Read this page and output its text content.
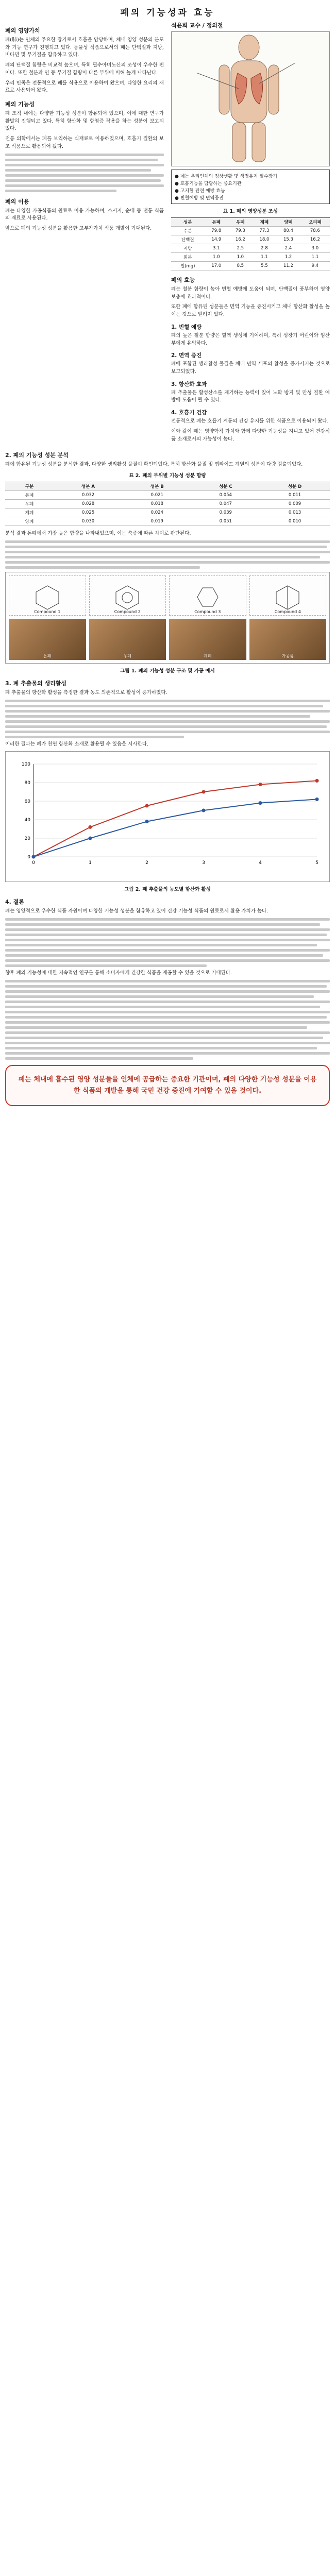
폐의 기능성과 효능
폐의 영양가치

폐(肺)는 인체의 주요한 장기로서 호흡을 담당하며, 체내 영양 성분의 분포와 기능 연구가 진행되고 있다. 동물성 식품으로서의 폐는 단백질과 지방, 비타민 및 무기질을 함유하고 있다.

폐의 단백질 함량은 비교적 높으며, 특히 필수아미노산의 조성이 우수한 편이다. 또한 철분과 인 등 무기질 함량이 다른 부위에 비해 높게 나타난다.

우리 민족은 전통적으로 폐를 식용으로 이용하여 왔으며, 다양한 요리의 재료로 사용되어 왔다.

폐의 기능성

폐 조직 내에는 다양한 기능성 성분이 함유되어 있으며, 이에 대한 연구가 활발히 진행되고 있다. 특히 항산화 및 항염증 작용을 하는 성분이 보고되었다.

전통 의학에서는 폐를 보익하는 식재료로 이용하였으며, 호흡기 질환의 보조 식품으로 활용되어 왔다.

폐의 이용

폐는 다양한 가공식품의 원료로 이용 가능하며, 소시지, 순대 등 전통 식품의 재료로 사용된다.

앞으로 폐의 기능성 성분을 활용한 고부가가치 식품 개발이 기대된다.

석윤희 교수 / 정의철
● 폐는 우리인체의 정상생활 및 생명유지 필수장기
● 호흡기능을 담당하는 중요기관
● 고지혈 관련 예방 효능
● 빈혈예방 및 면역증진
표 1. 폐의 영양성분 조성
성분	돈폐	우폐	계폐	양폐	오리폐
수분	79.8	79.3	77.3	80.4	78.6
단백질	14.9	16.2	18.0	15.3	16.2
지방	3.1	2.5	2.8	2.4	3.0
회분	1.0	1.0	1.1	1.2	1.1
철(mg)	17.0	8.5	5.5	11.2	9.4
폐의 효능

폐는 철분 함량이 높아 빈혈 예방에 도움이 되며, 단백질이 풍부하여 영양 보충에 효과적이다.

또한 폐에 함유된 성분들은 면역 기능을 증진시키고 체내 항산화 활성을 높이는 것으로 알려져 있다.

1. 빈혈 예방

폐의 높은 철분 함량은 혈액 생성에 기여하며, 특히 성장기 어린이와 임산부에게 유익하다.

2. 면역 증진

폐에 포함된 생리활성 물질은 체내 면역 세포의 활성을 증가시키는 것으로 보고되었다.

3. 항산화 효과

폐 추출물은 활성산소를 제거하는 능력이 있어 노화 방지 및 만성 질환 예방에 도움이 될 수 있다.

4. 호흡기 건강

전통적으로 폐는 호흡기 계통의 건강 유지를 위한 식품으로 이용되어 왔다.

이와 같이 폐는 영양학적 가치와 함께 다양한 기능성을 지니고 있어 건강식품 소재로서의 가능성이 높다.

2. 폐의 기능성 성분 분석

폐에 함유된 기능성 성분을 분석한 결과, 다양한 생리활성 물질이 확인되었다. 특히 항산화 물질 및 펩타이드 계열의 성분이 다량 검출되었다.

표 2. 폐의 부위별 기능성 성분 함량
구분	성분 A	성분 B	성분 C	성분 D
돈폐	0.032	0.021	0.054	0.011
우폐	0.028	0.018	0.047	0.009
계폐	0.025	0.024	0.039	0.013
양폐	0.030	0.019	0.051	0.010

분석 결과 돈폐에서 가장 높은 함량을 나타내었으며, 이는 축종에 따른 차이로 판단된다.

Compound 1	Compound 2	Compound 3	Compound 4
돈폐	우폐	계폐	가공품
그림 1. 폐의 기능성 성분 구조 및 가공 예시
3. 폐 추출물의 생리활성

폐 추출물의 항산화 활성을 측정한 결과 농도 의존적으로 활성이 증가하였다.

이러한 결과는 폐가 천연 항산화 소재로 활용될 수 있음을 시사한다.

0
20
40
60
80
100
0	1	2	3	4	5
그림 2. 폐 추출물의 농도별 항산화 활성
4. 결론

폐는 영양적으로 우수한 식품 자원이며 다양한 기능성 성분을 함유하고 있어 건강 기능성 식품의 원료로서 활용 가치가 높다.

향후 폐의 기능성에 대한 지속적인 연구를 통해 소비자에게 건강한 식품을 제공할 수 있을 것으로 기대된다.

폐는 체내에 흡수된 영양 성분들을 인체에 공급하는 중요한 기관이며, 폐의 다양한 기능성 성분을 이용한 식품의 개발을 통해 국민 건강 증진에 기여할 수 있을 것이다.
